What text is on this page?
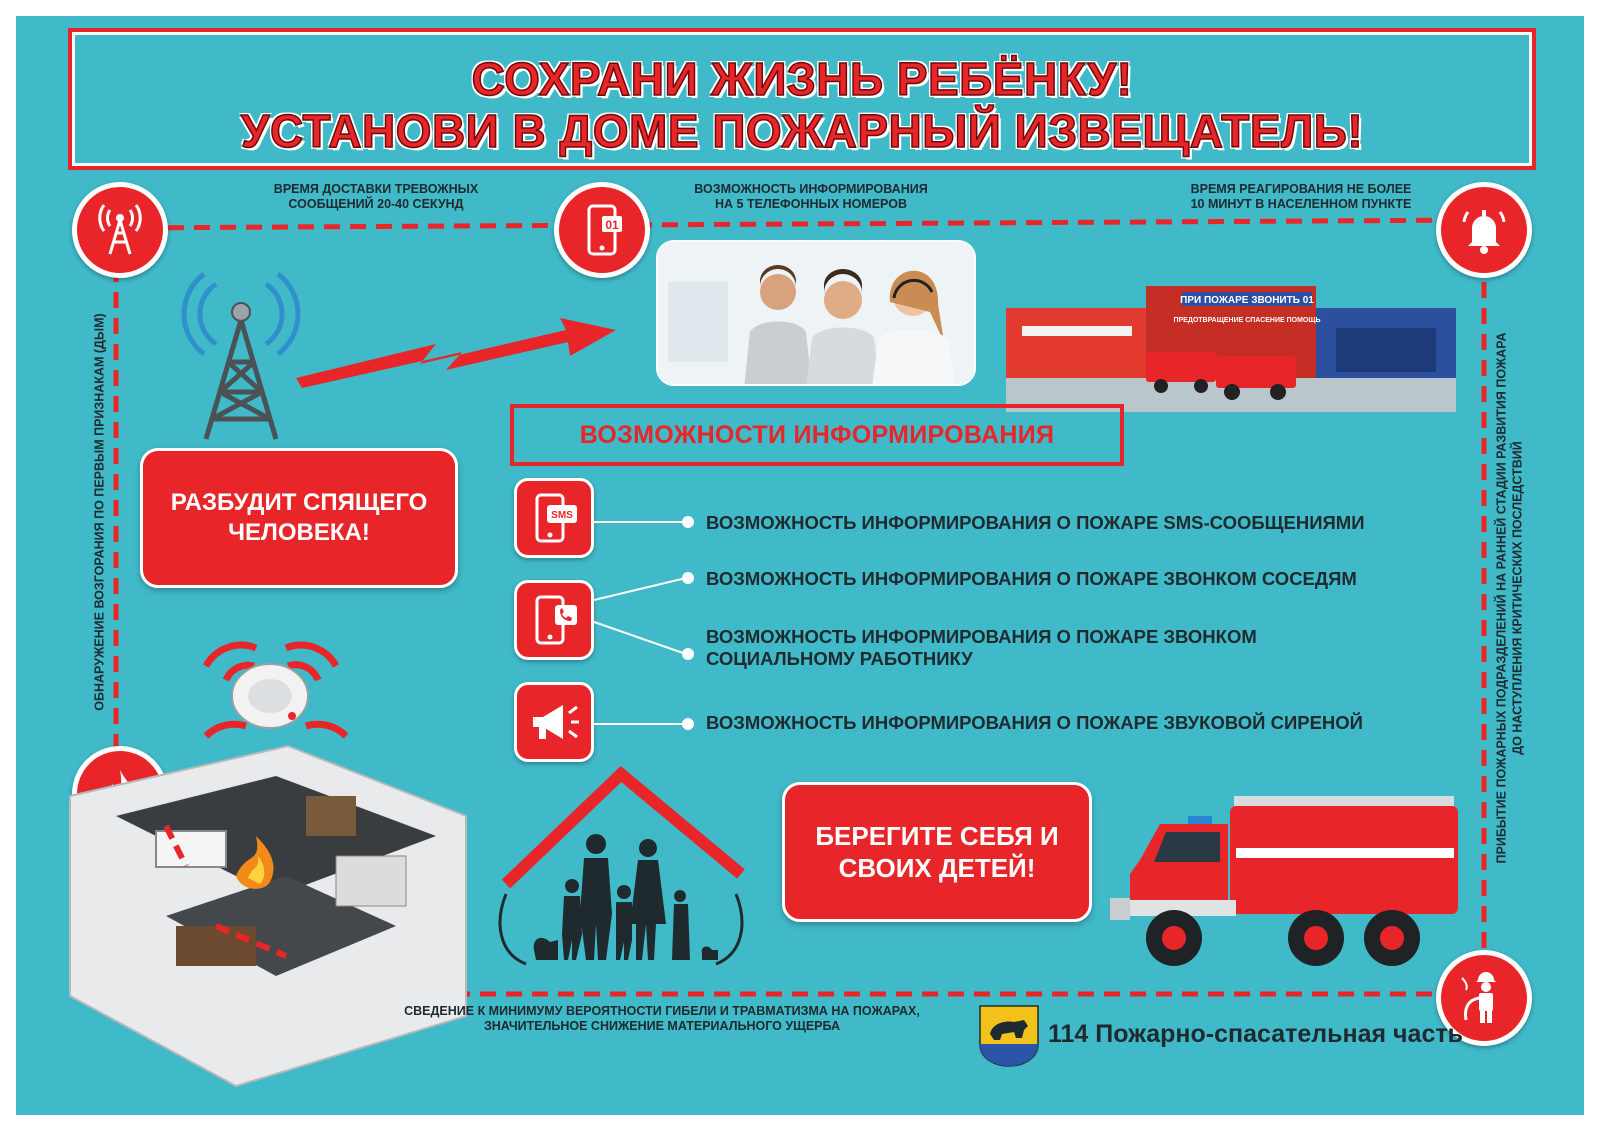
СОХРАНИ ЖИЗНЬ РЕБЁНКУ!
УСТАНОВИ В ДОМЕ ПОЖАРНЫЙ ИЗВЕЩАТЕЛЬ!
ВРЕМЯ ДОСТАВКИ ТРЕВОЖНЫХ
СООБЩЕНИЙ 20-40 СЕКУНД
ВОЗМОЖНОСТЬ ИНФОРМИРОВАНИЯ
НА 5 ТЕЛЕФОННЫХ НОМЕРОВ
ВРЕМЯ РЕАГИРОВАНИЯ НЕ БОЛЕЕ
10 МИНУТ В НАСЕЛЕННОМ ПУНКТЕ
01
ОБНАРУЖЕНИЕ ВОЗГОРАНИЯ ПО ПЕРВЫМ ПРИЗНАКАМ (ДЫМ)	ПРИБЫТИЕ ПОЖАРНЫХ ПОДРАЗДЕЛЕНИЙ НА РАННЕЙ СТАДИИ РАЗВИТИЯ ПОЖАРА ДО НАСТУПЛЕНИЯ КРИТИЧЕСКИХ ПОСЛЕДСТВИЙ
ПРИ ПОЖАРЕ ЗВОНИТЬ 01
ПРЕДОТВРАЩЕНИЕ СПАСЕНИЕ ПОМОЩЬ
РАЗБУДИТ СПЯЩЕГО
ЧЕЛОВЕКА!
ВОЗМОЖНОСТИ ИНФОРМИРОВАНИЯ
SMS	ВОЗМОЖНОСТЬ ИНФОРМИРОВАНИЯ О ПОЖАРЕ SMS-СООБЩЕНИЯМИ
ВОЗМОЖНОСТЬ ИНФОРМИРОВАНИЯ О ПОЖАРЕ ЗВОНКОМ СОСЕДЯМ
ВОЗМОЖНОСТЬ ИНФОРМИРОВАНИЯ О ПОЖАРЕ ЗВОНКОМ
СОЦИАЛЬНОМУ РАБОТНИКУ
ВОЗМОЖНОСТЬ ИНФОРМИРОВАНИЯ О ПОЖАРЕ ЗВУКОВОЙ СИРЕНОЙ
БЕРЕГИТЕ СЕБЯ И
СВОИХ ДЕТЕЙ!
СВЕДЕНИЕ К МИНИМУМУ ВЕРОЯТНОСТИ ГИБЕЛИ И ТРАВМАТИЗМА НА ПОЖАРАХ,
ЗНАЧИТЕЛЬНОЕ СНИЖЕНИЕ МАТЕРИАЛЬНОГО УЩЕРБА	114 Пожарно-спасательная часть
